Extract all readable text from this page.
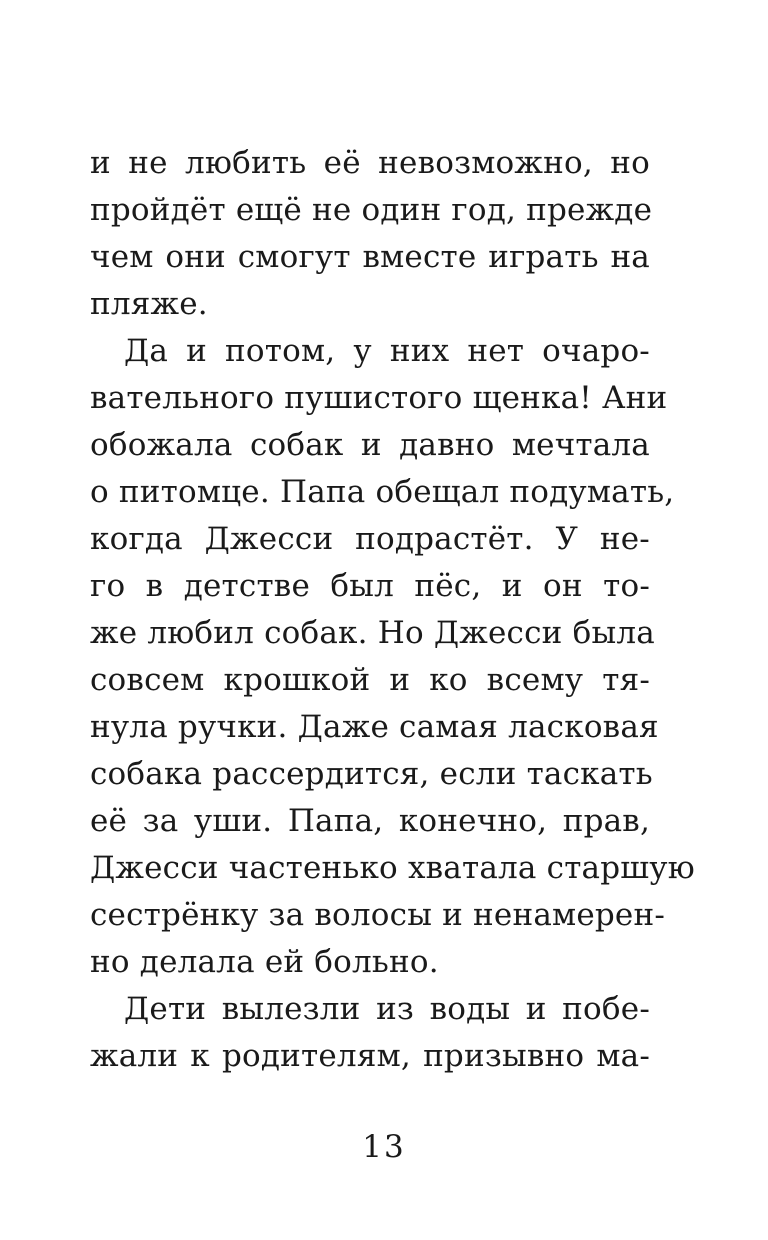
и не любить её невозможно, но
пройдёт ещё не один год, прежде
чем они смогут вместе играть на
пляже.
Да и потом, у них нет очаро-
вательного пушистого щенка! Ани
обожала собак и давно мечтала
о питомце. Папа обещал подумать,
когда Джесси подрастёт. У не-
го в детстве был пёс, и он то-
же любил собак. Но Джесси была
совсем крошкой и ко всему тя-
нула ручки. Даже самая ласковая
собака рассердится, если таскать
её за уши. Папа, конечно, прав,
Джесси частенько хватала старшую
сестрёнку за волосы и ненамерен-
но делала ей больно.
Дети вылезли из воды и побе-
жали к родителям, призывно ма-
13
